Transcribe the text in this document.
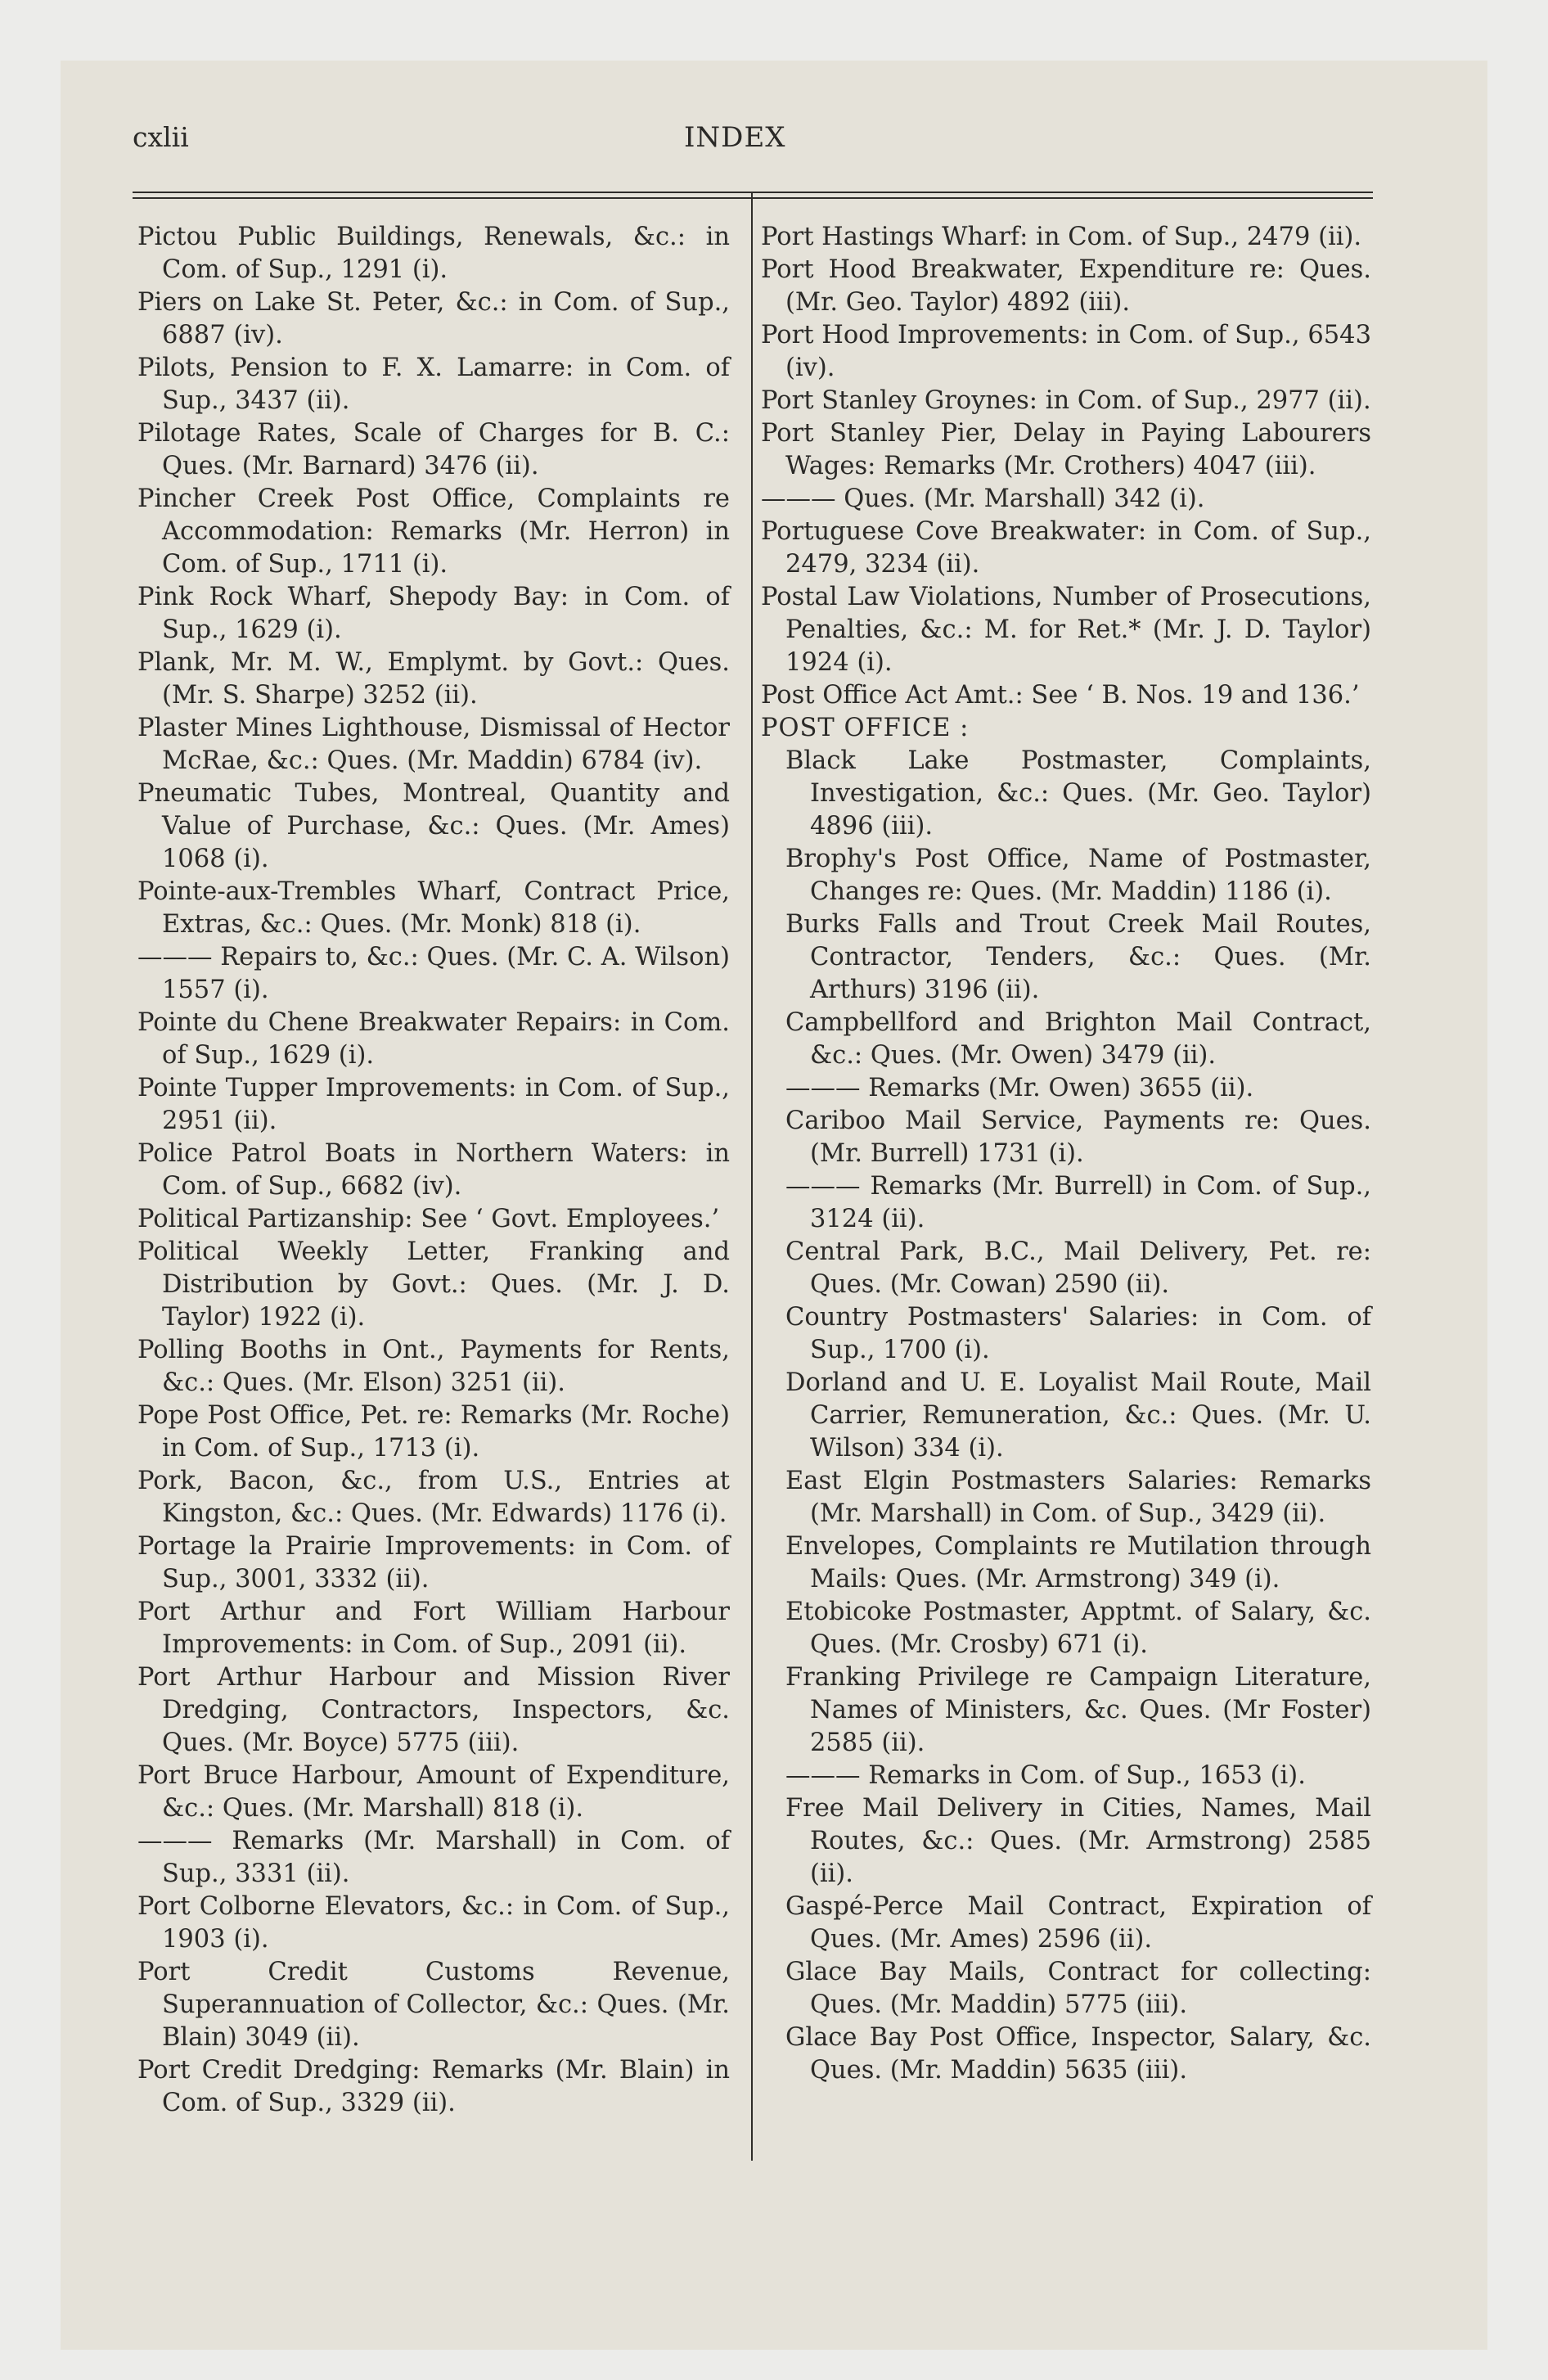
cxlii	INDEX
Pictou Public Buildings, Renewals, &c.: in Com. of Sup., 1291 (i).
Piers on Lake St. Peter, &c.: in Com. of Sup., 6887 (iv).
Pilots, Pension to F. X. Lamarre: in Com. of Sup., 3437 (ii).
Pilotage Rates, Scale of Charges for B. C.: Ques. (Mr. Barnard) 3476 (ii).
Pincher Creek Post Office, Complaints re Accommodation: Remarks (Mr. Herron) in Com. of Sup., 1711 (i).
Pink Rock Wharf, Shepody Bay: in Com. of Sup., 1629 (i).
Plank, Mr. M. W., Emplymt. by Govt.: Ques. (Mr. S. Sharpe) 3252 (ii).
Plaster Mines Lighthouse, Dismissal of Hector McRae, &c.: Ques. (Mr. Maddin) 6784 (iv).
Pneumatic Tubes, Montreal, Quantity and Value of Purchase, &c.: Ques. (Mr. Ames) 1068 (i).
Pointe-aux-Trembles Wharf, Contract Price, Extras, &c.: Ques. (Mr. Monk) 818 (i).
——— Repairs to, &c.: Ques. (Mr. C. A. Wilson) 1557 (i).
Pointe du Chene Breakwater Repairs: in Com. of Sup., 1629 (i).
Pointe Tupper Improvements: in Com. of Sup., 2951 (ii).
Police Patrol Boats in Northern Waters: in Com. of Sup., 6682 (iv).
Political Partizanship: See ‘ Govt. Employees.’
Political Weekly Letter, Franking and Distribution by Govt.: Ques. (Mr. J. D. Taylor) 1922 (i).
Polling Booths in Ont., Payments for Rents, &c.: Ques. (Mr. Elson) 3251 (ii).
Pope Post Office, Pet. re: Remarks (Mr. Roche) in Com. of Sup., 1713 (i).
Pork, Bacon, &c., from U.S., Entries at Kingston, &c.: Ques. (Mr. Edwards) 1176 (i).
Portage la Prairie Improvements: in Com. of Sup., 3001, 3332 (ii).
Port Arthur and Fort William Harbour Improvements: in Com. of Sup., 2091 (ii).
Port Arthur Harbour and Mission River Dredging, Contractors, Inspectors, &c. Ques. (Mr. Boyce) 5775 (iii).
Port Bruce Harbour, Amount of Expenditure, &c.: Ques. (Mr. Marshall) 818 (i).
——— Remarks (Mr. Marshall) in Com. of Sup., 3331 (ii).
Port Colborne Elevators, &c.: in Com. of Sup., 1903 (i).
Port Credit Customs Revenue, Superannuation of Collector, &c.: Ques. (Mr. Blain) 3049 (ii).
Port Credit Dredging: Remarks (Mr. Blain) in Com. of Sup., 3329 (ii).
Port Hastings Wharf: in Com. of Sup., 2479 (ii).
Port Hood Breakwater, Expenditure re: Ques. (Mr. Geo. Taylor) 4892 (iii).
Port Hood Improvements: in Com. of Sup., 6543 (iv).
Port Stanley Groynes: in Com. of Sup., 2977 (ii).
Port Stanley Pier, Delay in Paying Labourers Wages: Remarks (Mr. Crothers) 4047 (iii).
——— Ques. (Mr. Marshall) 342 (i).
Portuguese Cove Breakwater: in Com. of Sup., 2479, 3234 (ii).
Postal Law Violations, Number of Prosecutions, Penalties, &c.: M. for Ret.* (Mr. J. D. Taylor) 1924 (i).
Post Office Act Amt.: See ‘ B. Nos. 19 and 136.’
POST OFFICE :
Black Lake Postmaster, Complaints, Investigation, &c.: Ques. (Mr. Geo. Taylor) 4896 (iii).
Brophy's Post Office, Name of Postmaster, Changes re: Ques. (Mr. Maddin) 1186 (i).
Burks Falls and Trout Creek Mail Routes, Contractor, Tenders, &c.: Ques. (Mr. Arthurs) 3196 (ii).
Campbellford and Brighton Mail Contract, &c.: Ques. (Mr. Owen) 3479 (ii).
——— Remarks (Mr. Owen) 3655 (ii).
Cariboo Mail Service, Payments re: Ques. (Mr. Burrell) 1731 (i).
——— Remarks (Mr. Burrell) in Com. of Sup., 3124 (ii).
Central Park, B.C., Mail Delivery, Pet. re: Ques. (Mr. Cowan) 2590 (ii).
Country Postmasters' Salaries: in Com. of Sup., 1700 (i).
Dorland and U. E. Loyalist Mail Route, Mail Carrier, Remuneration, &c.: Ques. (Mr. U. Wilson) 334 (i).
East Elgin Postmasters Salaries: Remarks (Mr. Marshall) in Com. of Sup., 3429 (ii).
Envelopes, Complaints re Mutilation through Mails: Ques. (Mr. Armstrong) 349 (i).
Etobicoke Postmaster, Apptmt. of Salary, &c. Ques. (Mr. Crosby) 671 (i).
Franking Privilege re Campaign Literature, Names of Ministers, &c. Ques. (Mr Foster) 2585 (ii).
——— Remarks in Com. of Sup., 1653 (i).
Free Mail Delivery in Cities, Names, Mail Routes, &c.: Ques. (Mr. Armstrong) 2585 (ii).
Gaspé-Perce Mail Contract, Expiration of Ques. (Mr. Ames) 2596 (ii).
Glace Bay Mails, Contract for collecting: Ques. (Mr. Maddin) 5775 (iii).
Glace Bay Post Office, Inspector, Salary, &c. Ques. (Mr. Maddin) 5635 (iii).
